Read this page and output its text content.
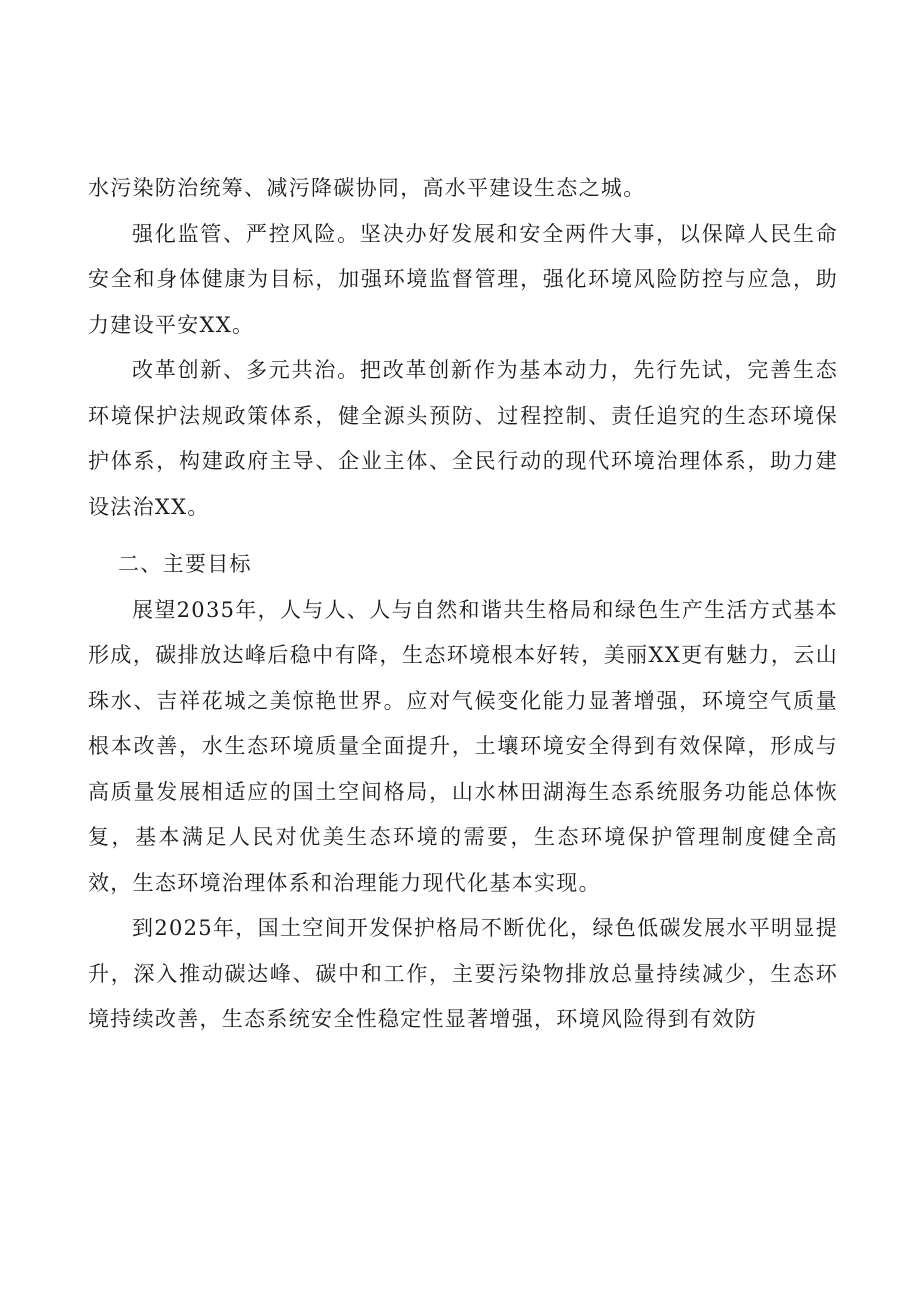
水污染防治统筹、减污降碳协同，高水平建设生态之城。

强化监管、严控风险。坚决办好发展和安全两件大事，以保障人民生命安全和身体健康为目标，加强环境监督管理，强化环境风险防控与应急，助力建设平安XX。

改革创新、多元共治。把改革创新作为基本动力，先行先试，完善生态环境保护法规政策体系，健全源头预防、过程控制、责任追究的生态环境保护体系，构建政府主导、企业主体、全民行动的现代环境治理体系，助力建设法治XX。

二、主要目标

展望2035年，人与人、人与自然和谐共生格局和绿色生产生活方式基本形成，碳排放达峰后稳中有降，生态环境根本好转，美丽XX更有魅力，云山珠水、吉祥花城之美惊艳世界。应对气候变化能力显著增强，环境空气质量根本改善，水生态环境质量全面提升，土壤环境安全得到有效保障，形成与高质量发展相适应的国土空间格局，山水林田湖海生态系统服务功能总体恢复，基本满足人民对优美生态环境的需要，生态环境保护管理制度健全高效，生态环境治理体系和治理能力现代化基本实现。

到2025年，国土空间开发保护格局不断优化，绿色低碳发展水平明显提升，深入推动碳达峰、碳中和工作，主要污染物排放总量持续减少，生态环境持续改善，生态系统安全性稳定性显著增强，环境风险得到有效防
